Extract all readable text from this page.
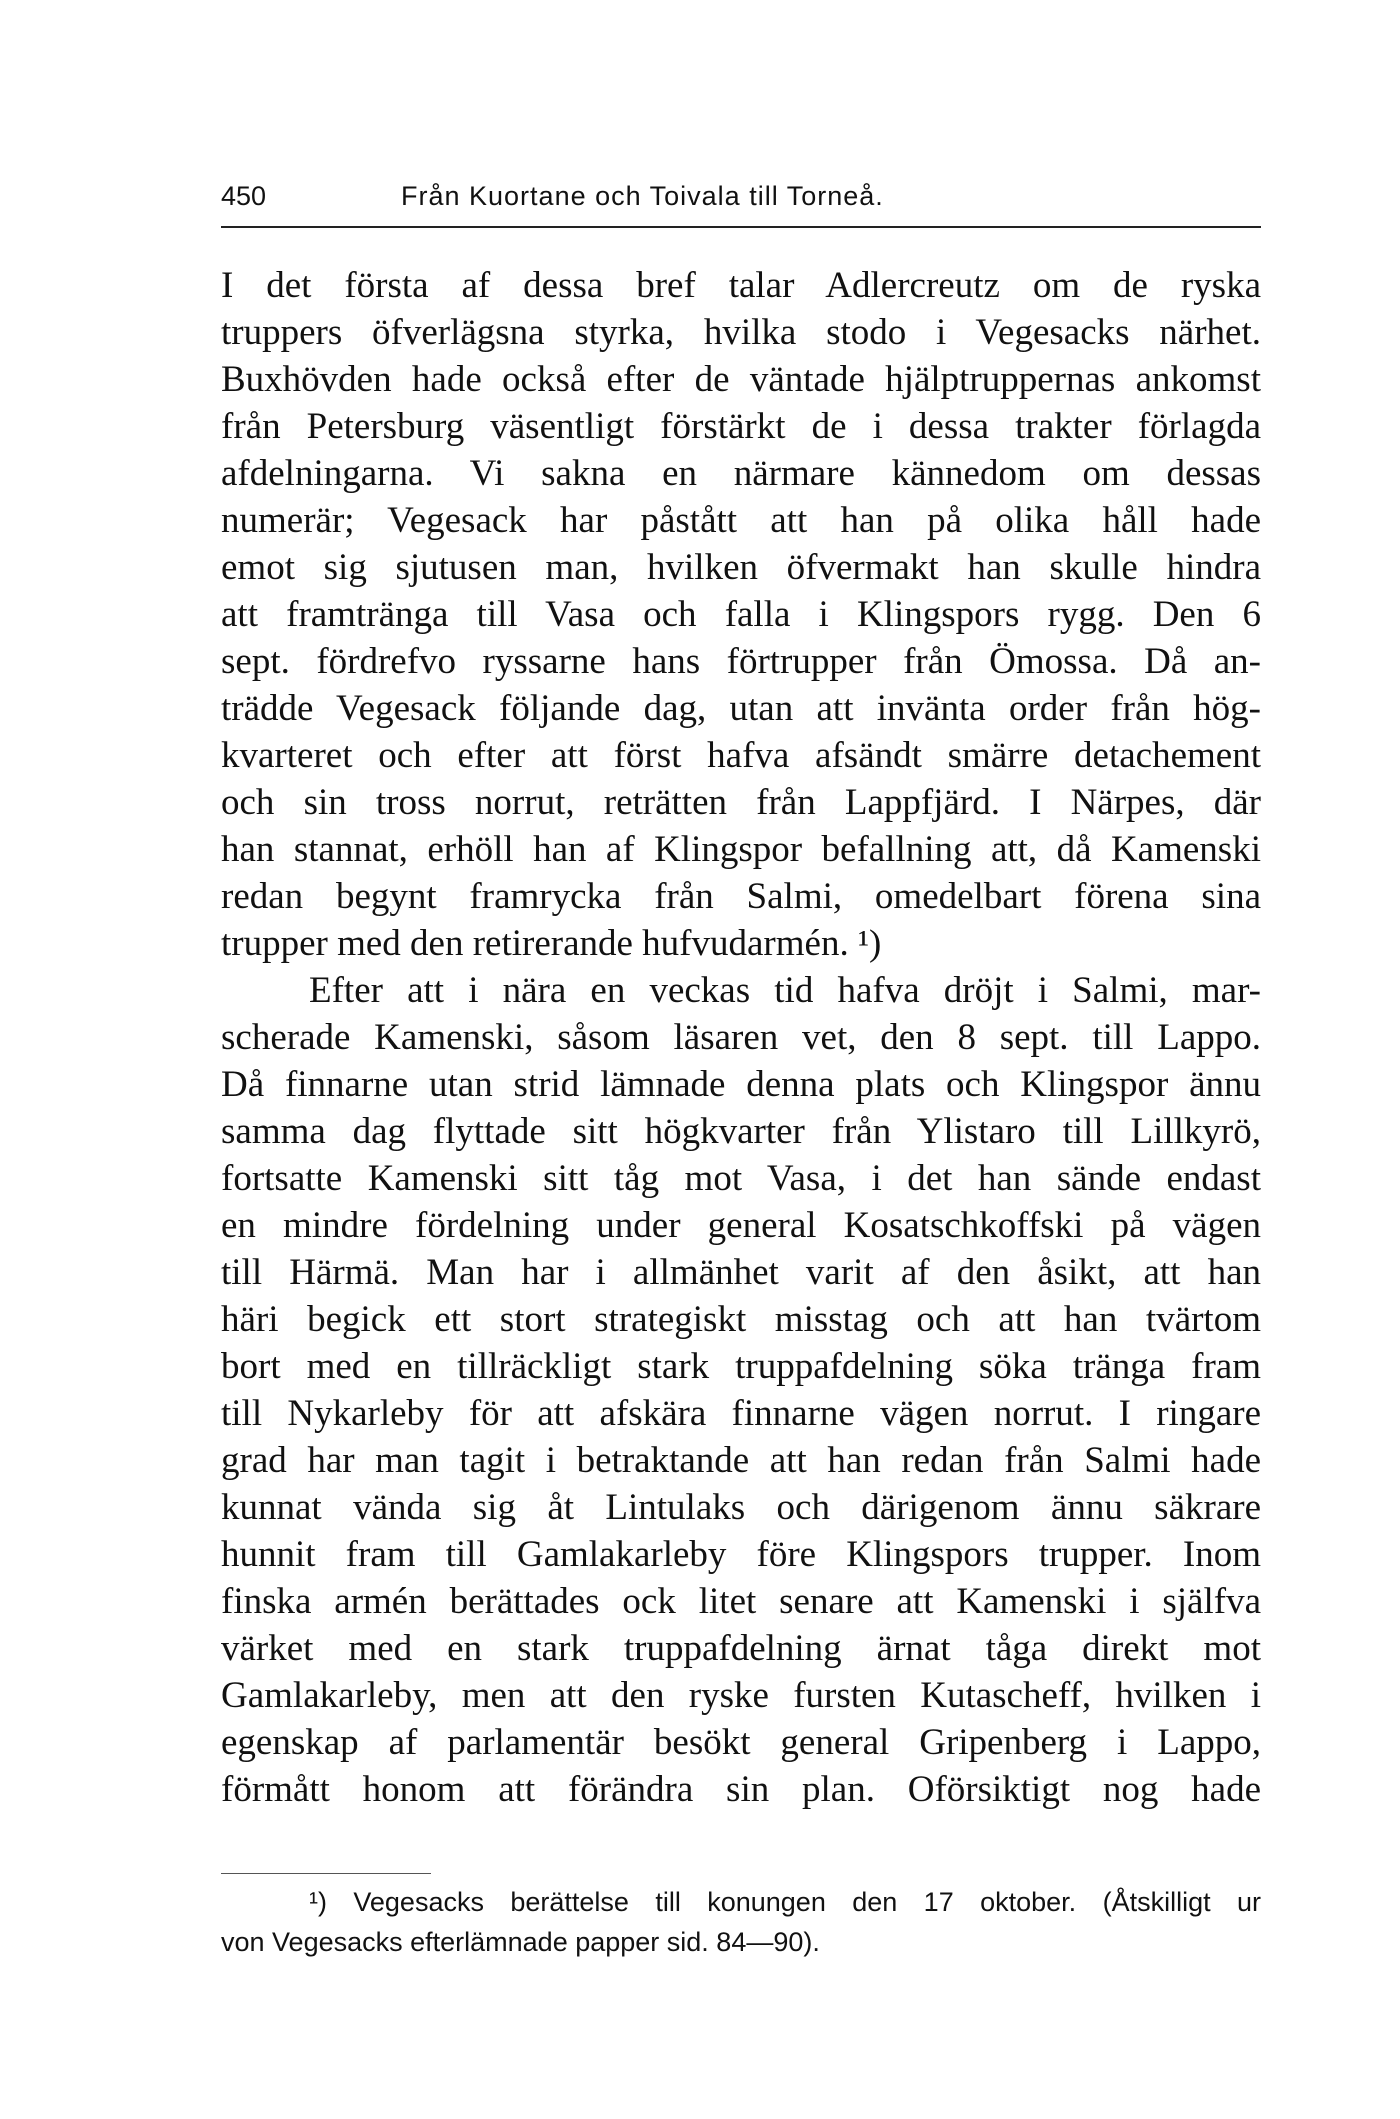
450	Från Kuortane och Toivala till Torneå.
I det första af dessa bref talar Adlercreutz om de ryska
truppers öfverlägsna styrka, hvilka stodo i Vegesacks närhet.
Buxhövden hade också efter de väntade hjälptruppernas ankomst
från Petersburg väsentligt förstärkt de i dessa trakter förlagda
afdelningarna. Vi sakna en närmare kännedom om dessas
numerär; Vegesack har påstått att han på olika håll hade
emot sig sjutusen man, hvilken öfvermakt han skulle hindra
att framtränga till Vasa och falla i Klingspors rygg. Den 6
sept. fördrefvo ryssarne hans förtrupper från Ömossa. Då an-
trädde Vegesack följande dag, utan att invänta order från hög-
kvarteret och efter att först hafva afsändt smärre detachement
och sin tross norrut, reträtten från Lappfjärd. I Närpes, där
han stannat, erhöll han af Klingspor befallning att, då Kamenski
redan begynt framrycka från Salmi, omedelbart förena sina
trupper med den retirerande hufvudarmén. ¹)
Efter att i nära en veckas tid hafva dröjt i Salmi, mar-
scherade Kamenski, såsom läsaren vet, den 8 sept. till Lappo.
Då finnarne utan strid lämnade denna plats och Klingspor ännu
samma dag flyttade sitt högkvarter från Ylistaro till Lillkyrö,
fortsatte Kamenski sitt tåg mot Vasa, i det han sände endast
en mindre fördelning under general Kosatschkoffski på vägen
till Härmä. Man har i allmänhet varit af den åsikt, att han
häri begick ett stort strategiskt misstag och att han tvärtom
bort med en tillräckligt stark truppafdelning söka tränga fram
till Nykarleby för att afskära finnarne vägen norrut. I ringare
grad har man tagit i betraktande att han redan från Salmi hade
kunnat vända sig åt Lintulaks och därigenom ännu säkrare
hunnit fram till Gamlakarleby före Klingspors trupper. Inom
finska armén berättades ock litet senare att Kamenski i själfva
värket med en stark truppafdelning ärnat tåga direkt mot
Gamlakarleby, men att den ryske fursten Kutascheff, hvilken i
egenskap af parlamentär besökt general Gripenberg i Lappo,
förmått honom att förändra sin plan. Oförsiktigt nog hade
¹) Vegesacks berättelse till konungen den 17 oktober. (Åtskilligt ur
von Vegesacks efterlämnade papper sid. 84—90).
